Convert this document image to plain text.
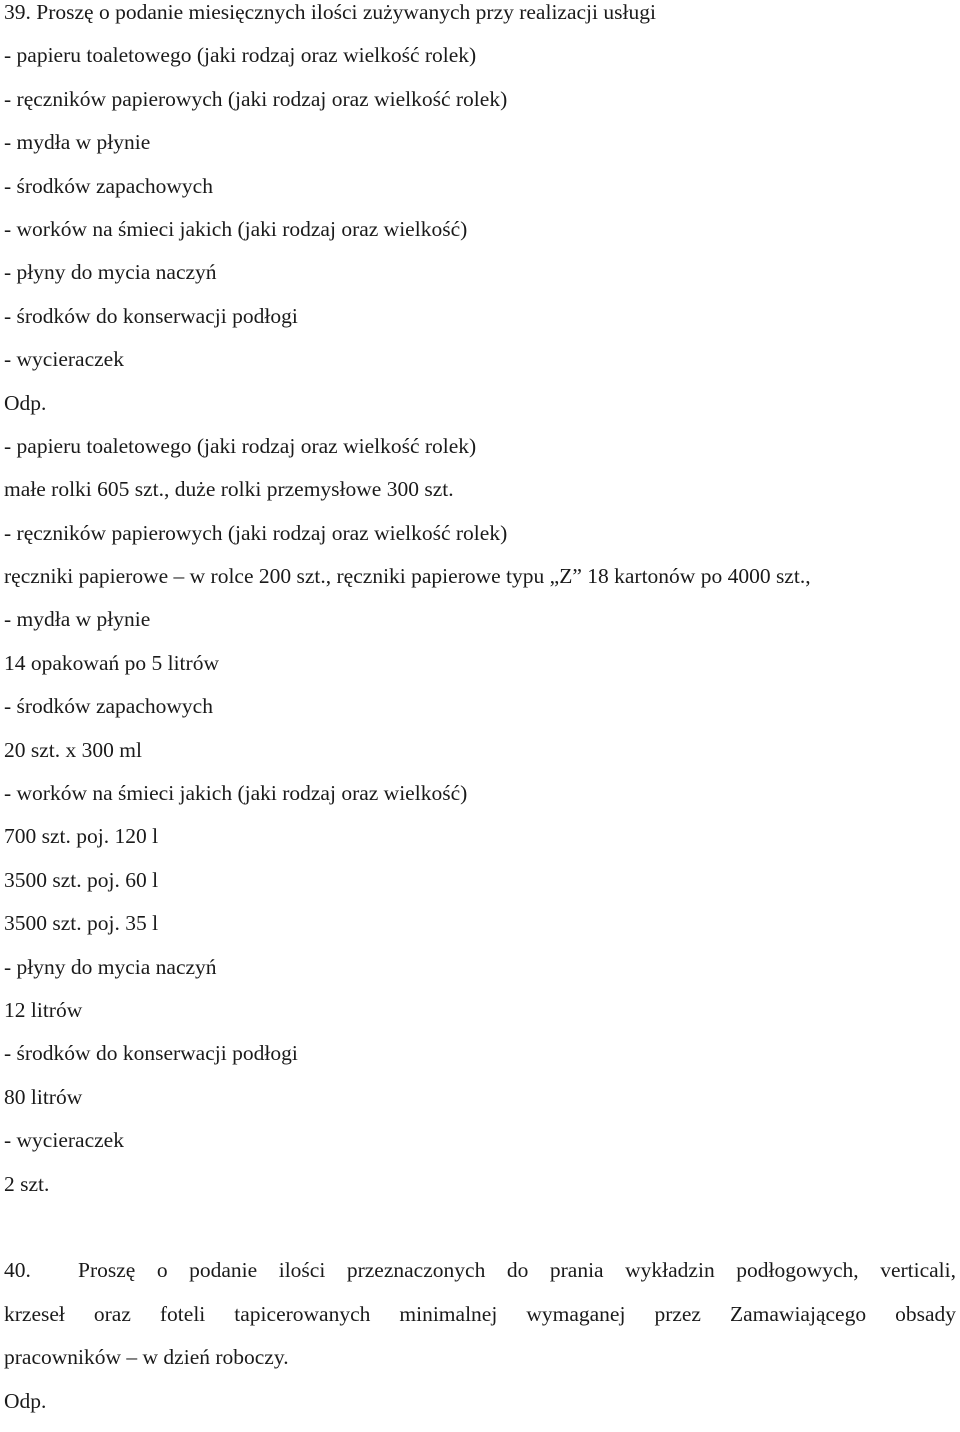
39. Proszę o podanie miesięcznych ilości zużywanych przy realizacji usługi
- papieru toaletowego (jaki rodzaj oraz wielkość rolek)
- ręczników papierowych (jaki rodzaj oraz wielkość rolek)
- mydła w płynie
- środków zapachowych
- worków na śmieci jakich (jaki rodzaj oraz wielkość)
- płyny do mycia naczyń
- środków do konserwacji podłogi
- wycieraczek
Odp.
- papieru toaletowego (jaki rodzaj oraz wielkość rolek)
małe rolki 605 szt., duże rolki przemysłowe 300 szt.
- ręczników papierowych (jaki rodzaj oraz wielkość rolek)
ręczniki papierowe – w rolce 200 szt., ręczniki papierowe typu „Z” 18 kartonów po 4000 szt.,
- mydła w płynie
14 opakowań po 5 litrów
- środków zapachowych
20 szt. x 300 ml
- worków na śmieci jakich (jaki rodzaj oraz wielkość)
700 szt. poj. 120 l
3500 szt. poj. 60 l
3500 szt. poj. 35 l
- płyny do mycia naczyń
12 litrów
- środków do konserwacji podłogi
80 litrów
- wycieraczek
2 szt.
40. Proszę o podanie ilości przeznaczonych do prania wykładzin podłogowych, verticali,
krzeseł oraz foteli tapicerowanych minimalnej wymaganej przez Zamawiającego obsady
pracowników – w dzień roboczy.
Odp.
